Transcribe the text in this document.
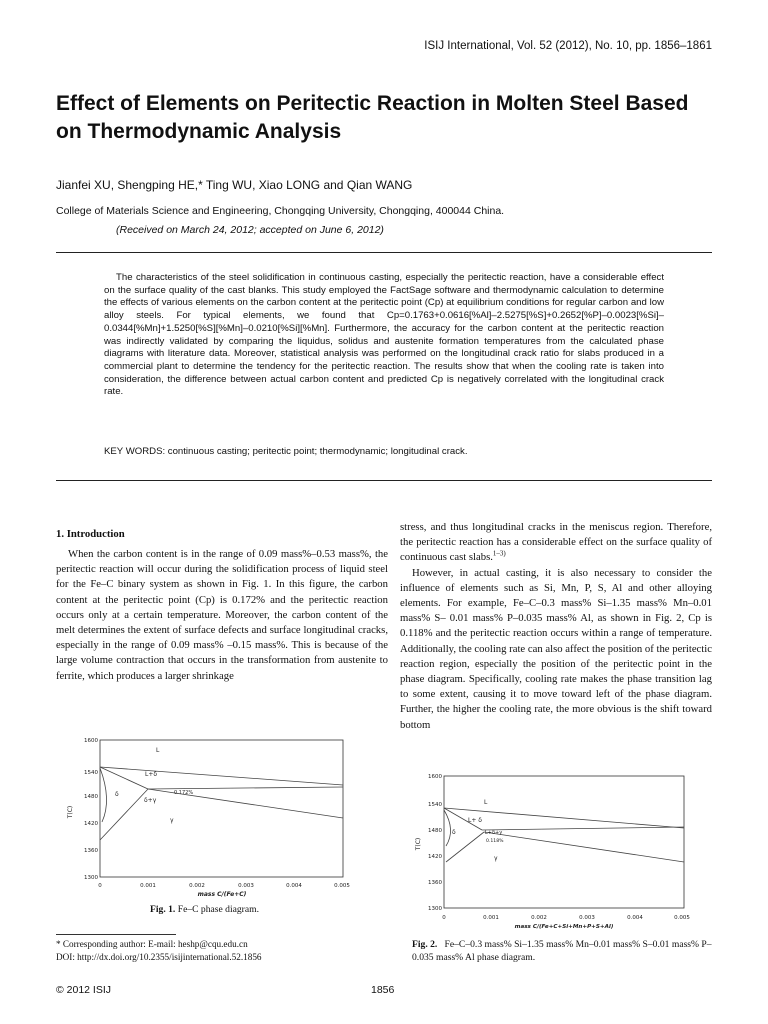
ISIJ International, Vol. 52 (2012), No. 10, pp. 1856–1861
Effect of Elements on Peritectic Reaction in Molten Steel Based on Thermodynamic Analysis
Jianfei XU, Shengping HE,* Ting WU, Xiao LONG and Qian WANG
College of Materials Science and Engineering, Chongqing University, Chongqing, 400044 China.
(Received on March 24, 2012; accepted on June 6, 2012)
The characteristics of the steel solidification in continuous casting, especially the peritectic reaction, have a considerable effect on the surface quality of the cast blanks. This study employed the FactSage software and thermodynamic calculation to determine the effects of various elements on the carbon content at the peritectic point (Cp) at equilibrium conditions for regular carbon and low alloy steels. For typical elements, we found that Cp=0.1763+0.0616[%Al]–2.5275[%S]+0.2652[%P]–0.0023[%Si]–0.0344[%Mn]+1.5250[%S][%Mn]–0.0210[%Si][%Mn]. Furthermore, the accuracy for the carbon content at the peritectic reaction was indirectly validated by comparing the liquidus, solidus and austenite formation temperatures from the calculated phase diagrams with literature data. Moreover, statistical analysis was performed on the longitudinal crack ratio for slabs produced in a commercial plant to determine the tendency for the peritectic reaction. The results show that when the cooling rate is taken into consideration, the difference between actual carbon content and predicted Cp is negatively correlated with the longitudinal crack rate.
KEY WORDS: continuous casting; peritectic point; thermodynamic; longitudinal crack.
1. Introduction

When the carbon content is in the range of 0.09 mass%–0.53 mass%, the peritectic reaction will occur during the solidification process of liquid steel for the Fe–C binary system as shown in Fig. 1. In this figure, the carbon content at the peritectic point (Cp) is 0.172% and the peritectic reaction occurs only at a certain temperature. Moreover, the carbon content of the melt determines the extent of surface defects and surface longitudinal cracks, especially in the range of 0.09 mass% –0.15 mass%. This is because of the large volume contraction that occurs in the transformation from austenite to ferrite, which produces a larger shrinkage

1600
1540
1480
1420
1360
1300
0	0.001	0.002	0.003	0.004	0.005
T(C)
mass C/(Fe+C)
L
L+δ
δ
δ+γ
γ
0.172%
Fig. 1. Fe–C phase diagram.

stress, and thus longitudinal cracks in the meniscus region. Therefore, the peritectic reaction has a considerable effect on the surface quality of continuous cast slabs.$^{1-3)}$

However, in actual casting, it is also necessary to consider the influence of elements such as Si, Mn, P, S, Al and other alloying elements. For example, Fe–C–0.3 mass% Si–1.35 mass% Mn–0.01 mass% S– 0.01 mass% P–0.035 mass% Al, as shown in Fig. 2, Cp is 0.118% and the peritectic reaction occurs within a range of temperature. Additionally, the cooling rate can also affect the position of the peritectic reaction region, especially the position of the peritectic point in the phase diagram. Specifically, cooling rate makes the phase transition lag to some extent, causing it to move toward left of the phase diagram. Further, the higher the cooling rate, the more obvious is the shift toward bottom

1600
1540
1480
1420
1360
1300
0	0.001	0.002	0.003	0.004	0.005
T(C)
mass C/(Fe+C+Si+Mn+P+S+Al)
L
L+ δ
δ	L+δ+γ
γ
0.118%
Fig. 2. Fe–C–0.3 mass% Si–1.35 mass% Mn–0.01 mass% S–0.01 mass% P–0.035 mass% Al phase diagram.
* Corresponding author: E-mail: heshp@cqu.edu.cn
DOI: http://dx.doi.org/10.2355/isijinternational.52.1856
© 2012 ISIJ	1856
